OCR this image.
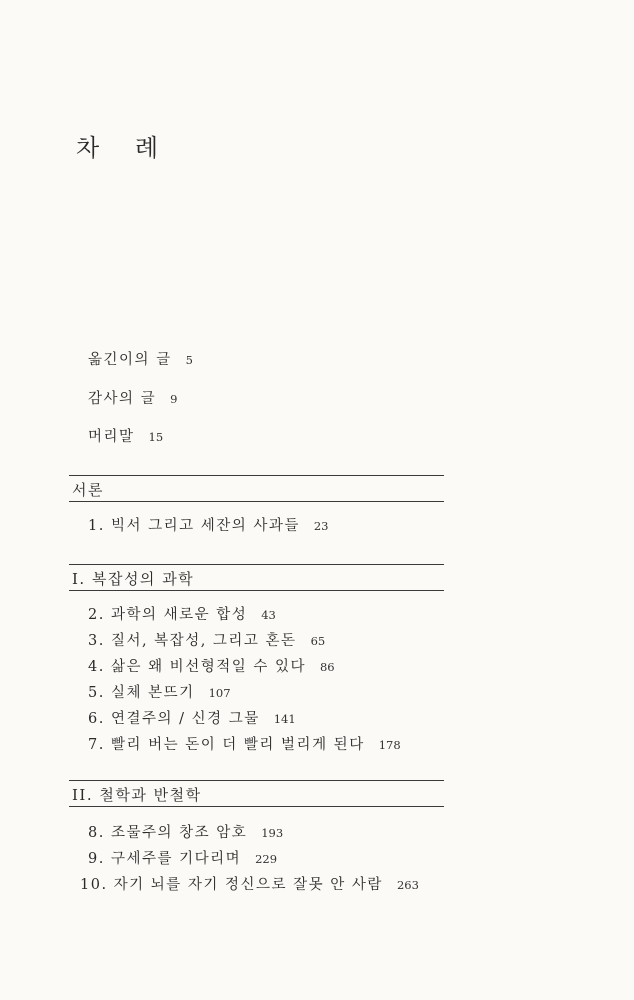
차 례
옮긴이의 글 5
감사의 글 9
머리말 15
서론
1. 빅서 그리고 세잔의 사과들 23
I. 복잡성의 과학
2. 과학의 새로운 합성 43
3. 질서, 복잡성, 그리고 혼돈 65
4. 삶은 왜 비선형적일 수 있다 86
5. 실체 본뜨기 107
6. 연결주의 / 신경 그물 141
7. 빨리 버는 돈이 더 빨리 벌리게 된다 178
II. 철학과 반철학
8. 조물주의 창조 암호 193
9. 구세주를 기다리며 229
10. 자기 뇌를 자기 정신으로 잘못 안 사람 263
